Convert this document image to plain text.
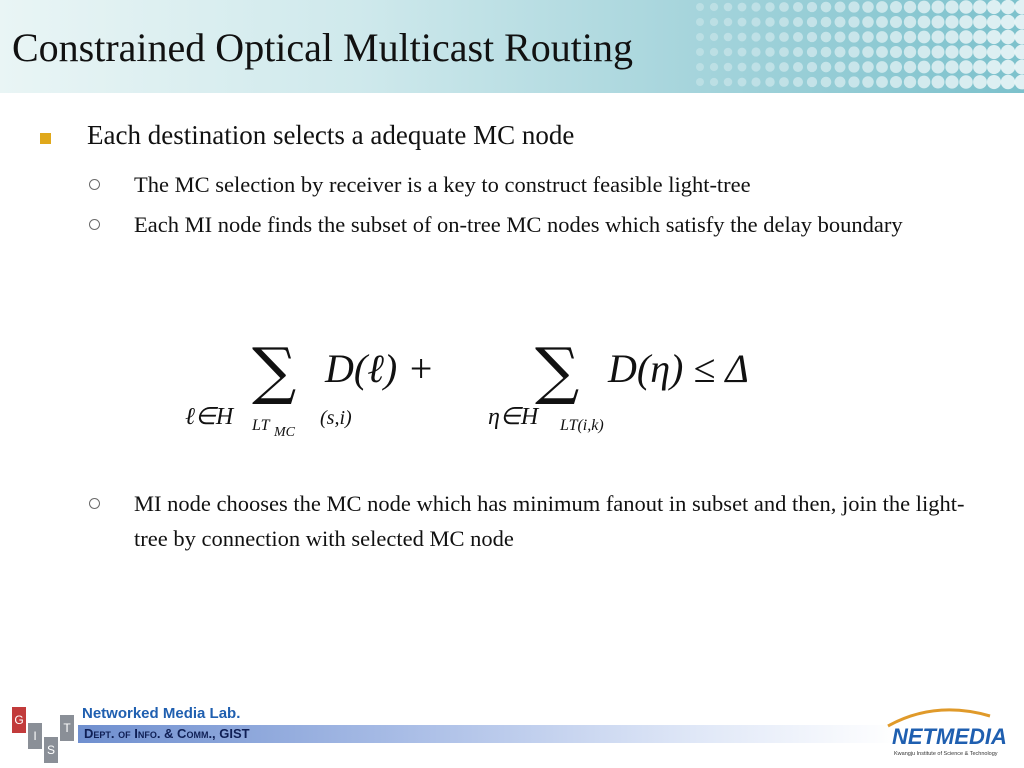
Constrained Optical Multicast Routing
Each destination selects a adequate MC node
The MC selection by receiver is a key to construct feasible light-tree
Each MI node finds the subset of on-tree MC nodes which satisfy the delay boundary
∑ D(ℓ) +
ℓ∈H LT MC
(s,i)
∑ D(η) ≤ Δ
η∈H LT(i,k)
MI node chooses the MC node which has minimum fanout in subset and then, join the light-tree by connection with selected MC node
G
I
S
T
Networked Media Lab.
Dept. of Info. & Comm., GIST	NETMEDIA
Kwangju Institute of Science & Technology
